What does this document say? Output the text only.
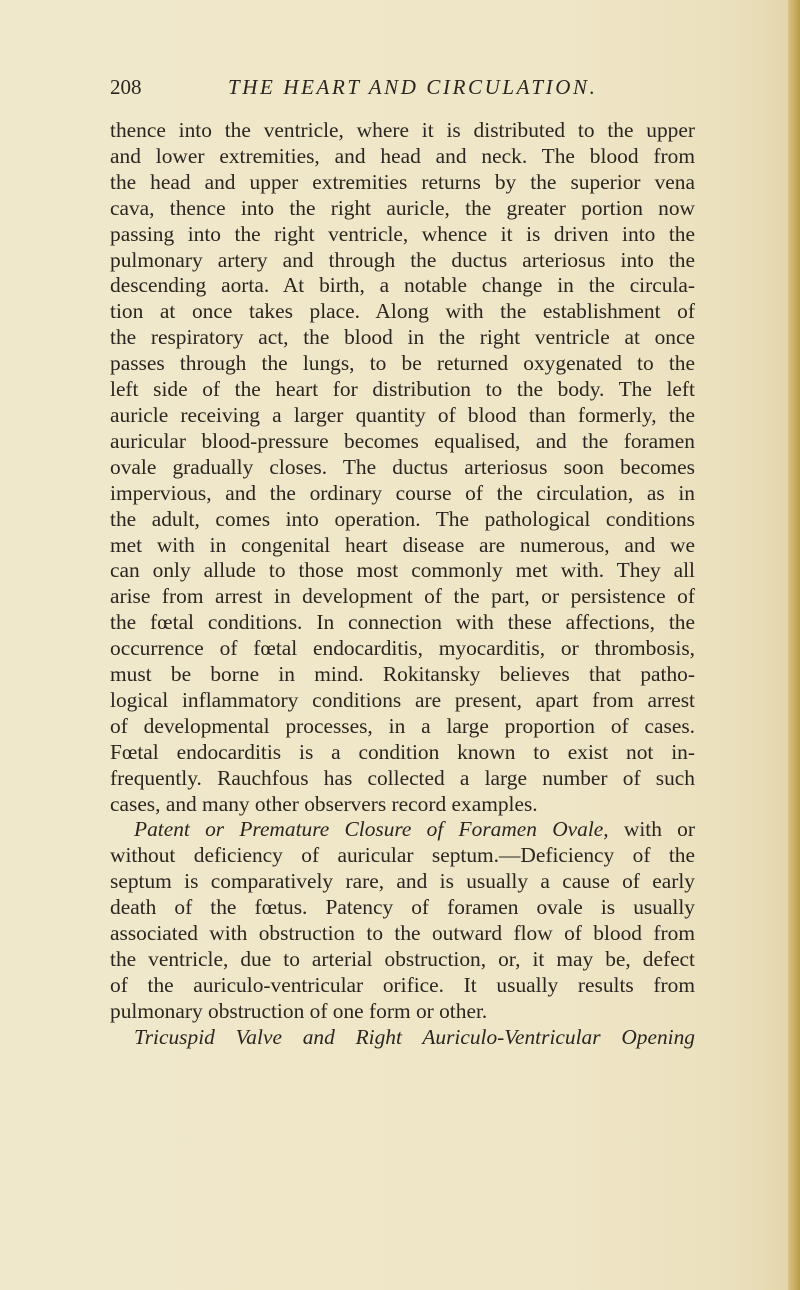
208	THE HEART AND CIRCULATION.
thence into the ventricle, where it is distributed to the upper
and lower extremities, and head and neck. The blood from
the head and upper extremities returns by the superior vena
cava, thence into the right auricle, the greater portion now
passing into the right ventricle, whence it is driven into the
pulmonary artery and through the ductus arteriosus into the
descending aorta. At birth, a notable change in the circula-
tion at once takes place. Along with the establishment of
the respiratory act, the blood in the right ventricle at once
passes through the lungs, to be returned oxygenated to the
left side of the heart for distribution to the body. The left
auricle receiving a larger quantity of blood than formerly, the
auricular blood-pressure becomes equalised, and the foramen
ovale gradually closes. The ductus arteriosus soon becomes
impervious, and the ordinary course of the circulation, as in
the adult, comes into operation. The pathological conditions
met with in congenital heart disease are numerous, and we
can only allude to those most commonly met with. They all
arise from arrest in development of the part, or persistence of
the fœtal conditions. In connection with these affections, the
occurrence of fœtal endocarditis, myocarditis, or thrombosis,
must be borne in mind. Rokitansky believes that patho-
logical inflammatory conditions are present, apart from arrest
of developmental processes, in a large proportion of cases.
Fœtal endocarditis is a condition known to exist not in-
frequently. Rauchfous has collected a large number of such
cases, and many other observers record examples.
Patent or Premature Closure of Foramen Ovale, with or
without deficiency of auricular septum.—Deficiency of the
septum is comparatively rare, and is usually a cause of early
death of the fœtus. Patency of foramen ovale is usually
associated with obstruction to the outward flow of blood from
the ventricle, due to arterial obstruction, or, it may be, defect
of the auriculo-ventricular orifice. It usually results from
pulmonary obstruction of one form or other.
Tricuspid Valve and Right Auriculo-Ventricular Opening
